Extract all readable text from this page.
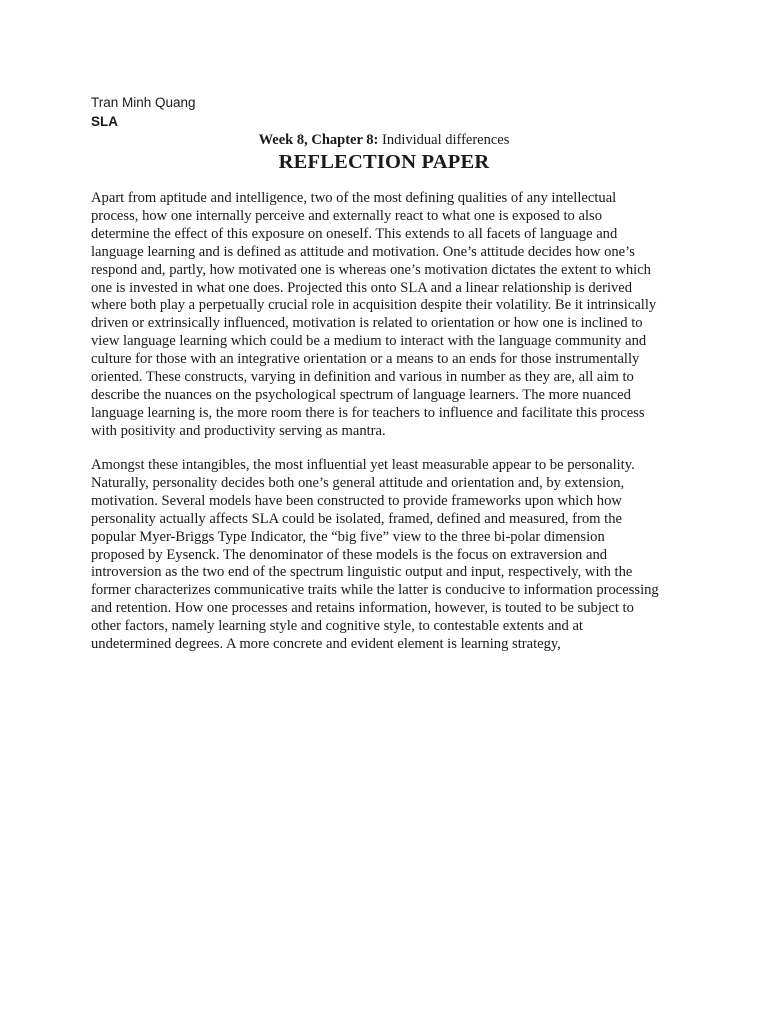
Tran Minh Quang
SLA
Week 8, Chapter 8: Individual differences
REFLECTION PAPER
Apart from aptitude and intelligence, two of the most defining qualities of any intellectual
process, how one internally perceive and externally react to what one is exposed to also
determine the effect of this exposure on oneself. This extends to all facets of language and
language learning and is defined as attitude and motivation. One’s attitude decides how one’s
respond and, partly, how motivated one is whereas one’s motivation dictates the extent to which
one is invested in what one does. Projected this onto SLA and a linear relationship is derived
where both play a perpetually crucial role in acquisition despite their volatility. Be it intrinsically
driven or extrinsically influenced, motivation is related to orientation or how one is inclined to
view language learning which could be a medium to interact with the language community and
culture for those with an integrative orientation or a means to an ends for those instrumentally
oriented. These constructs, varying in definition and various in number as they are, all aim to
describe the nuances on the psychological spectrum of language learners. The more nuanced
language learning is, the more room there is for teachers to influence and facilitate this process
with positivity and productivity serving as mantra.
Amongst these intangibles, the most influential yet least measurable appear to be personality.
Naturally, personality decides both one’s general attitude and orientation and, by extension,
motivation. Several models have been constructed to provide frameworks upon which how
personality actually affects SLA could be isolated, framed, defined and measured, from the
popular Myer-Briggs Type Indicator, the “big five” view to the three bi-polar dimension
proposed by Eysenck. The denominator of these models is the focus on extraversion and
introversion as the two end of the spectrum linguistic output and input, respectively, with the
former characterizes communicative traits while the latter is conducive to information processing
and retention. How one processes and retains information, however, is touted to be subject to
other factors, namely learning style and cognitive style, to contestable extents and at
undetermined degrees. A more concrete and evident element is learning strategy,
